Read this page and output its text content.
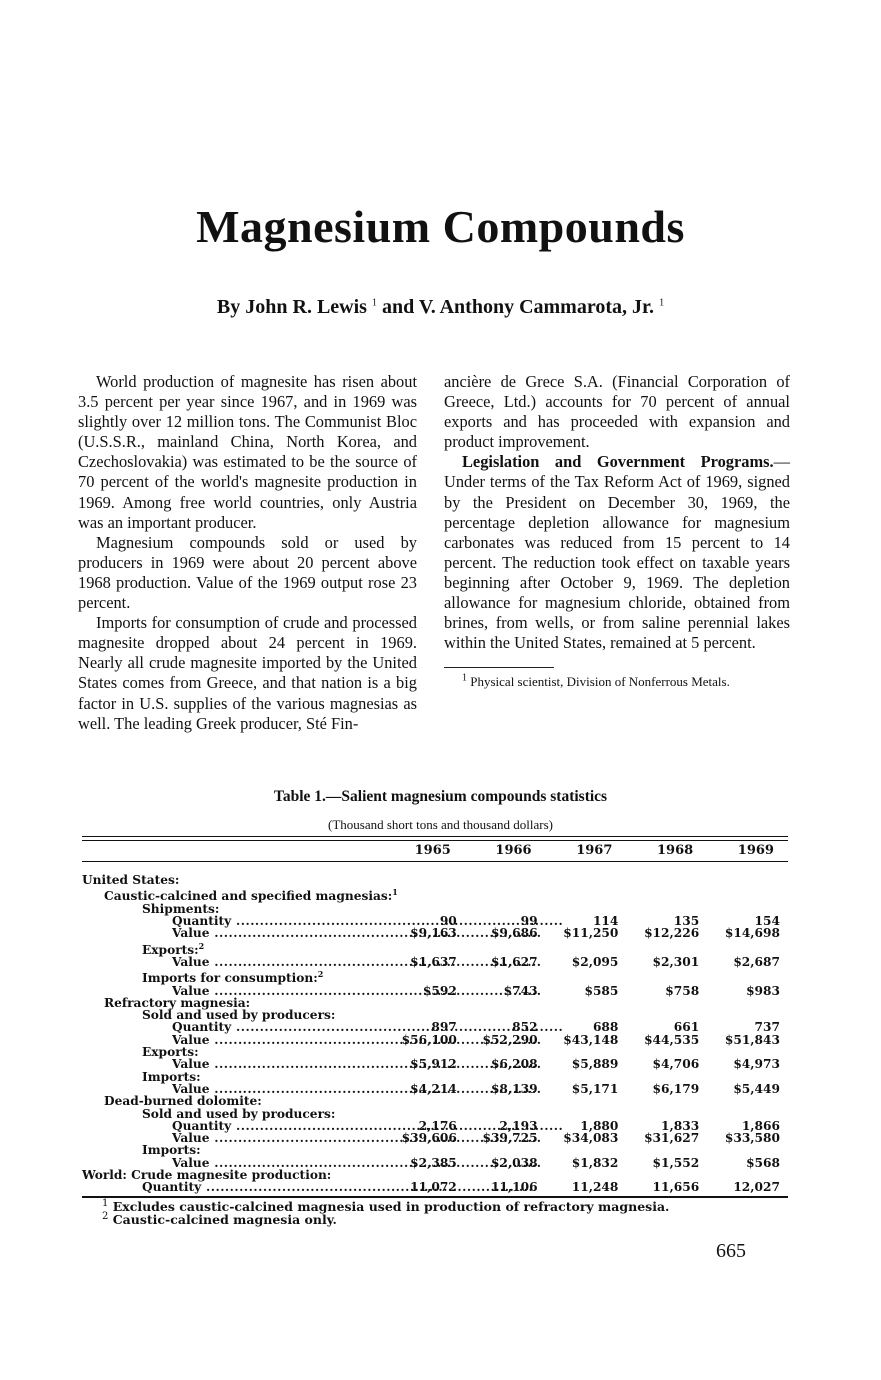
Magnesium Compounds

By John R. Lewis $^1$ and V. Anthony Cammarota, Jr. $^1$

World production of magnesite has risen about 3.5 percent per year since 1967, and in 1969 was slightly over 12 million tons. The Communist Bloc (U.S.S.R., mainland China, North Korea, and Czechoslovakia) was estimated to be the source of 70 percent of the world's magnesite production in 1969. Among free world countries, only Austria was an important producer.

Magnesium compounds sold or used by producers in 1969 were about 20 percent above 1968 production. Value of the 1969 output rose 23 percent.

Imports for consumption of crude and processed magnesite dropped about 24 percent in 1969. Nearly all crude magnesite imported by the United States comes from Greece, and that nation is a big factor in U.S. supplies of the various magnesias as well. The leading Greek producer, Sté Fin-

ancière de Grece S.A. (Financial Corporation of Greece, Ltd.) accounts for 70 percent of annual exports and has proceeded with expansion and product improvement.

Legislation and Government Programs.—Under terms of the Tax Reform Act of 1969, signed by the President on December 30, 1969, the percentage depletion allowance for magnesium carbonates was reduced from 15 percent to 14 percent. The reduction took effect on taxable years beginning after October 9, 1969. The depletion allowance for magnesium chloride, obtained from brines, from wells, or from saline perennial lakes within the United States, remained at 5 percent.

$^1$ Physical scientist, Division of Nonferrous Metals.

Table 1.—Salient magnesium compounds statistics

(Thousand short tons and thousand dollars)

1965	1966	1967	1968	1969
United States:
Caustic-calcined and specified magnesias:$^1$
Shipments:
Quantity .....	90	99	114	135	154
Value .....	$9,163	$9,686	$11,250	$12,226	$14,698
Exports:$^2$
Value .....	$1,637	$1,627	$2,095	$2,301	$2,687
Imports for consumption:$^2$
Value .....	$592	$743	$585	$758	$983
Refractory magnesia:
Sold and used by producers:
Quantity .....	897	852	688	661	737
Value .....	$56,100	$52,290	$43,148	$44,535	$51,843
Exports:
Value .....	$5,912	$6,208	$5,889	$4,706	$4,973
Imports:
Value .....	$4,214	$8,139	$5,171	$6,179	$5,449
Dead-burned dolomite:
Sold and used by producers:
Quantity .....	2,176	2,193	1,880	1,833	1,866
Value .....	$39,606	$39,725	$34,083	$31,627	$33,580
Imports:
Value .....	$2,385	$2,038	$1,832	$1,552	$568
World: Crude magnesite production:
Quantity .....	11,072	11,106	11,248	11,656	12,027

$^1$ Excludes caustic-calcined magnesia used in production of refractory magnesia.

$^2$ Caustic-calcined magnesia only.

665
